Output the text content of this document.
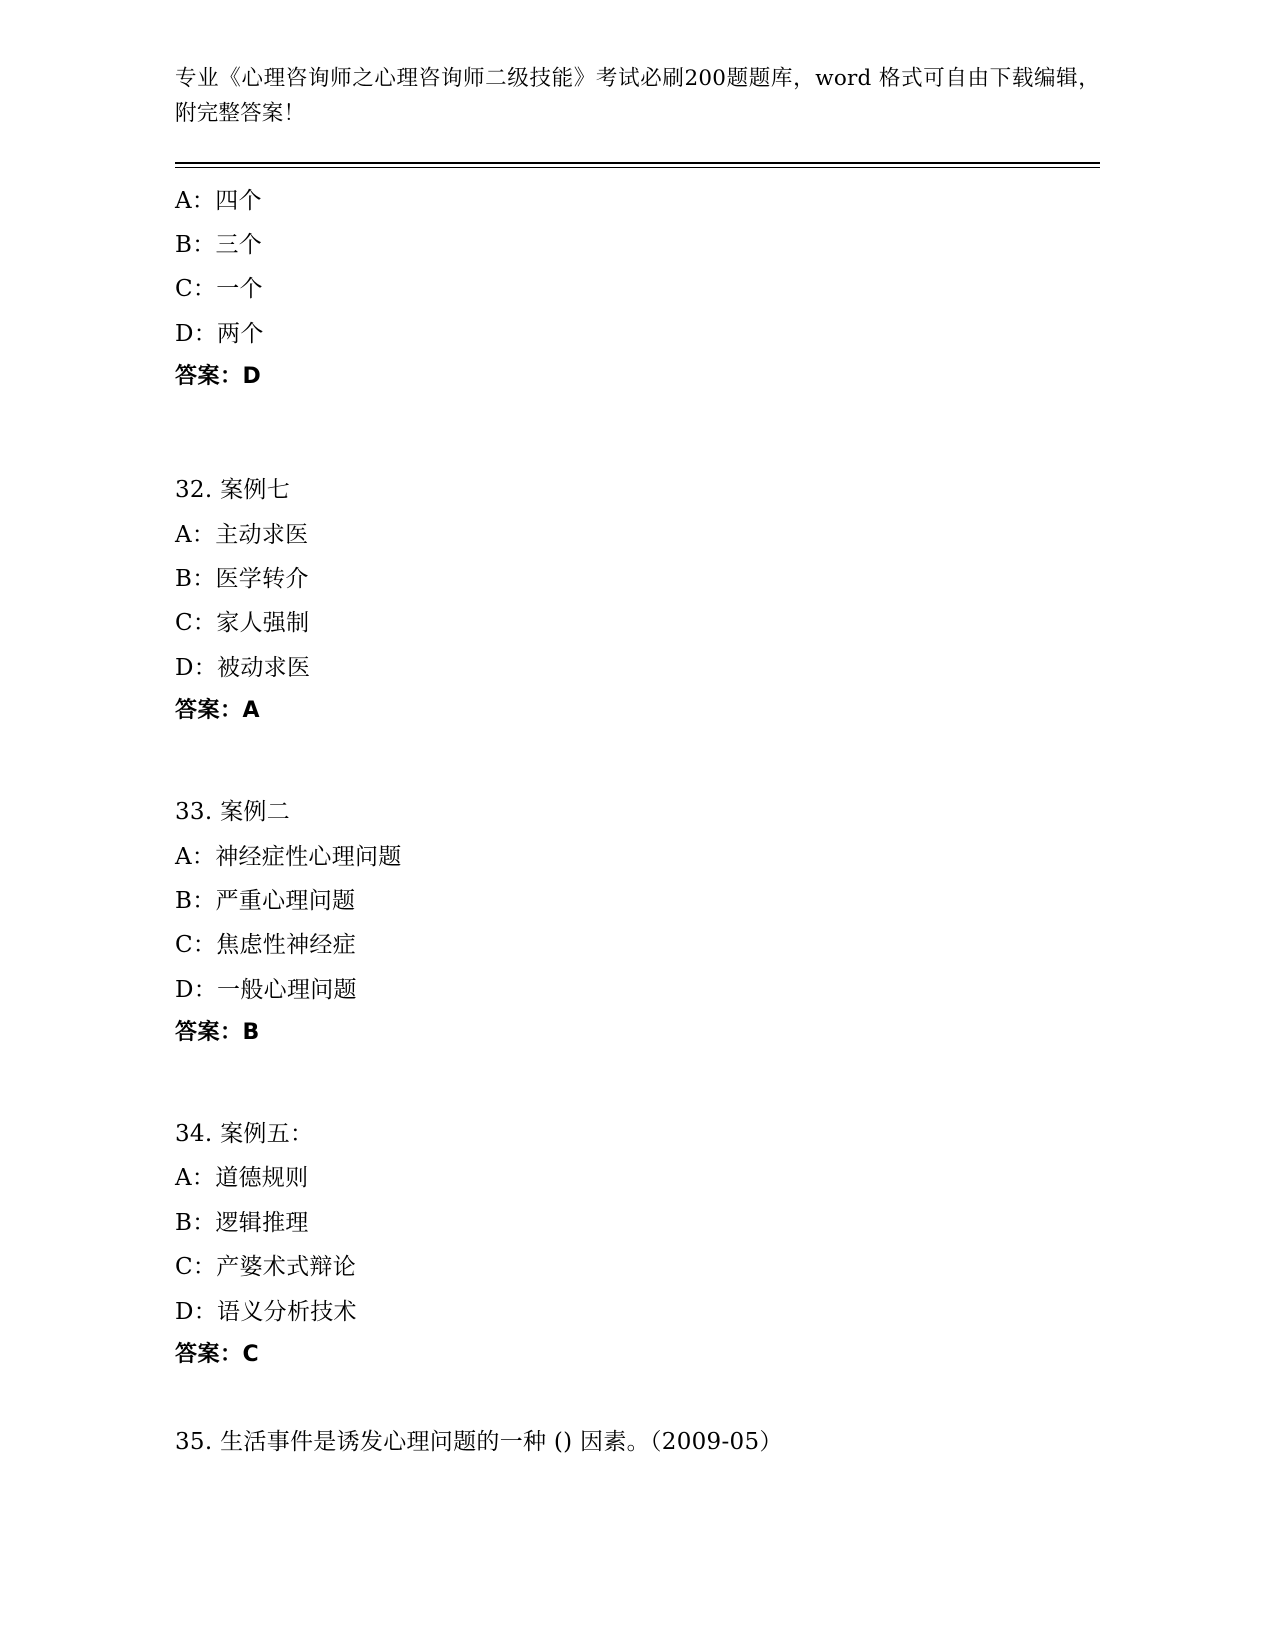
专业《心理咨询师之心理咨询师二级技能》考试必刷200题题库，word 格式可自由下载编辑，附完整答案！
A：四个
B：三个
C：一个
D：两个
答案：D
32. 案例七
A：主动求医
B：医学转介
C：家人强制
D：被动求医
答案：A
33. 案例二
A：神经症性心理问题
B：严重心理问题
C：焦虑性神经症
D：一般心理问题
答案：B
34. 案例五：
A：道德规则
B：逻辑推理
C：产婆术式辩论
D：语义分析技术
答案：C
35. 生活事件是诱发心理问题的一种 () 因素。（2009-05）
